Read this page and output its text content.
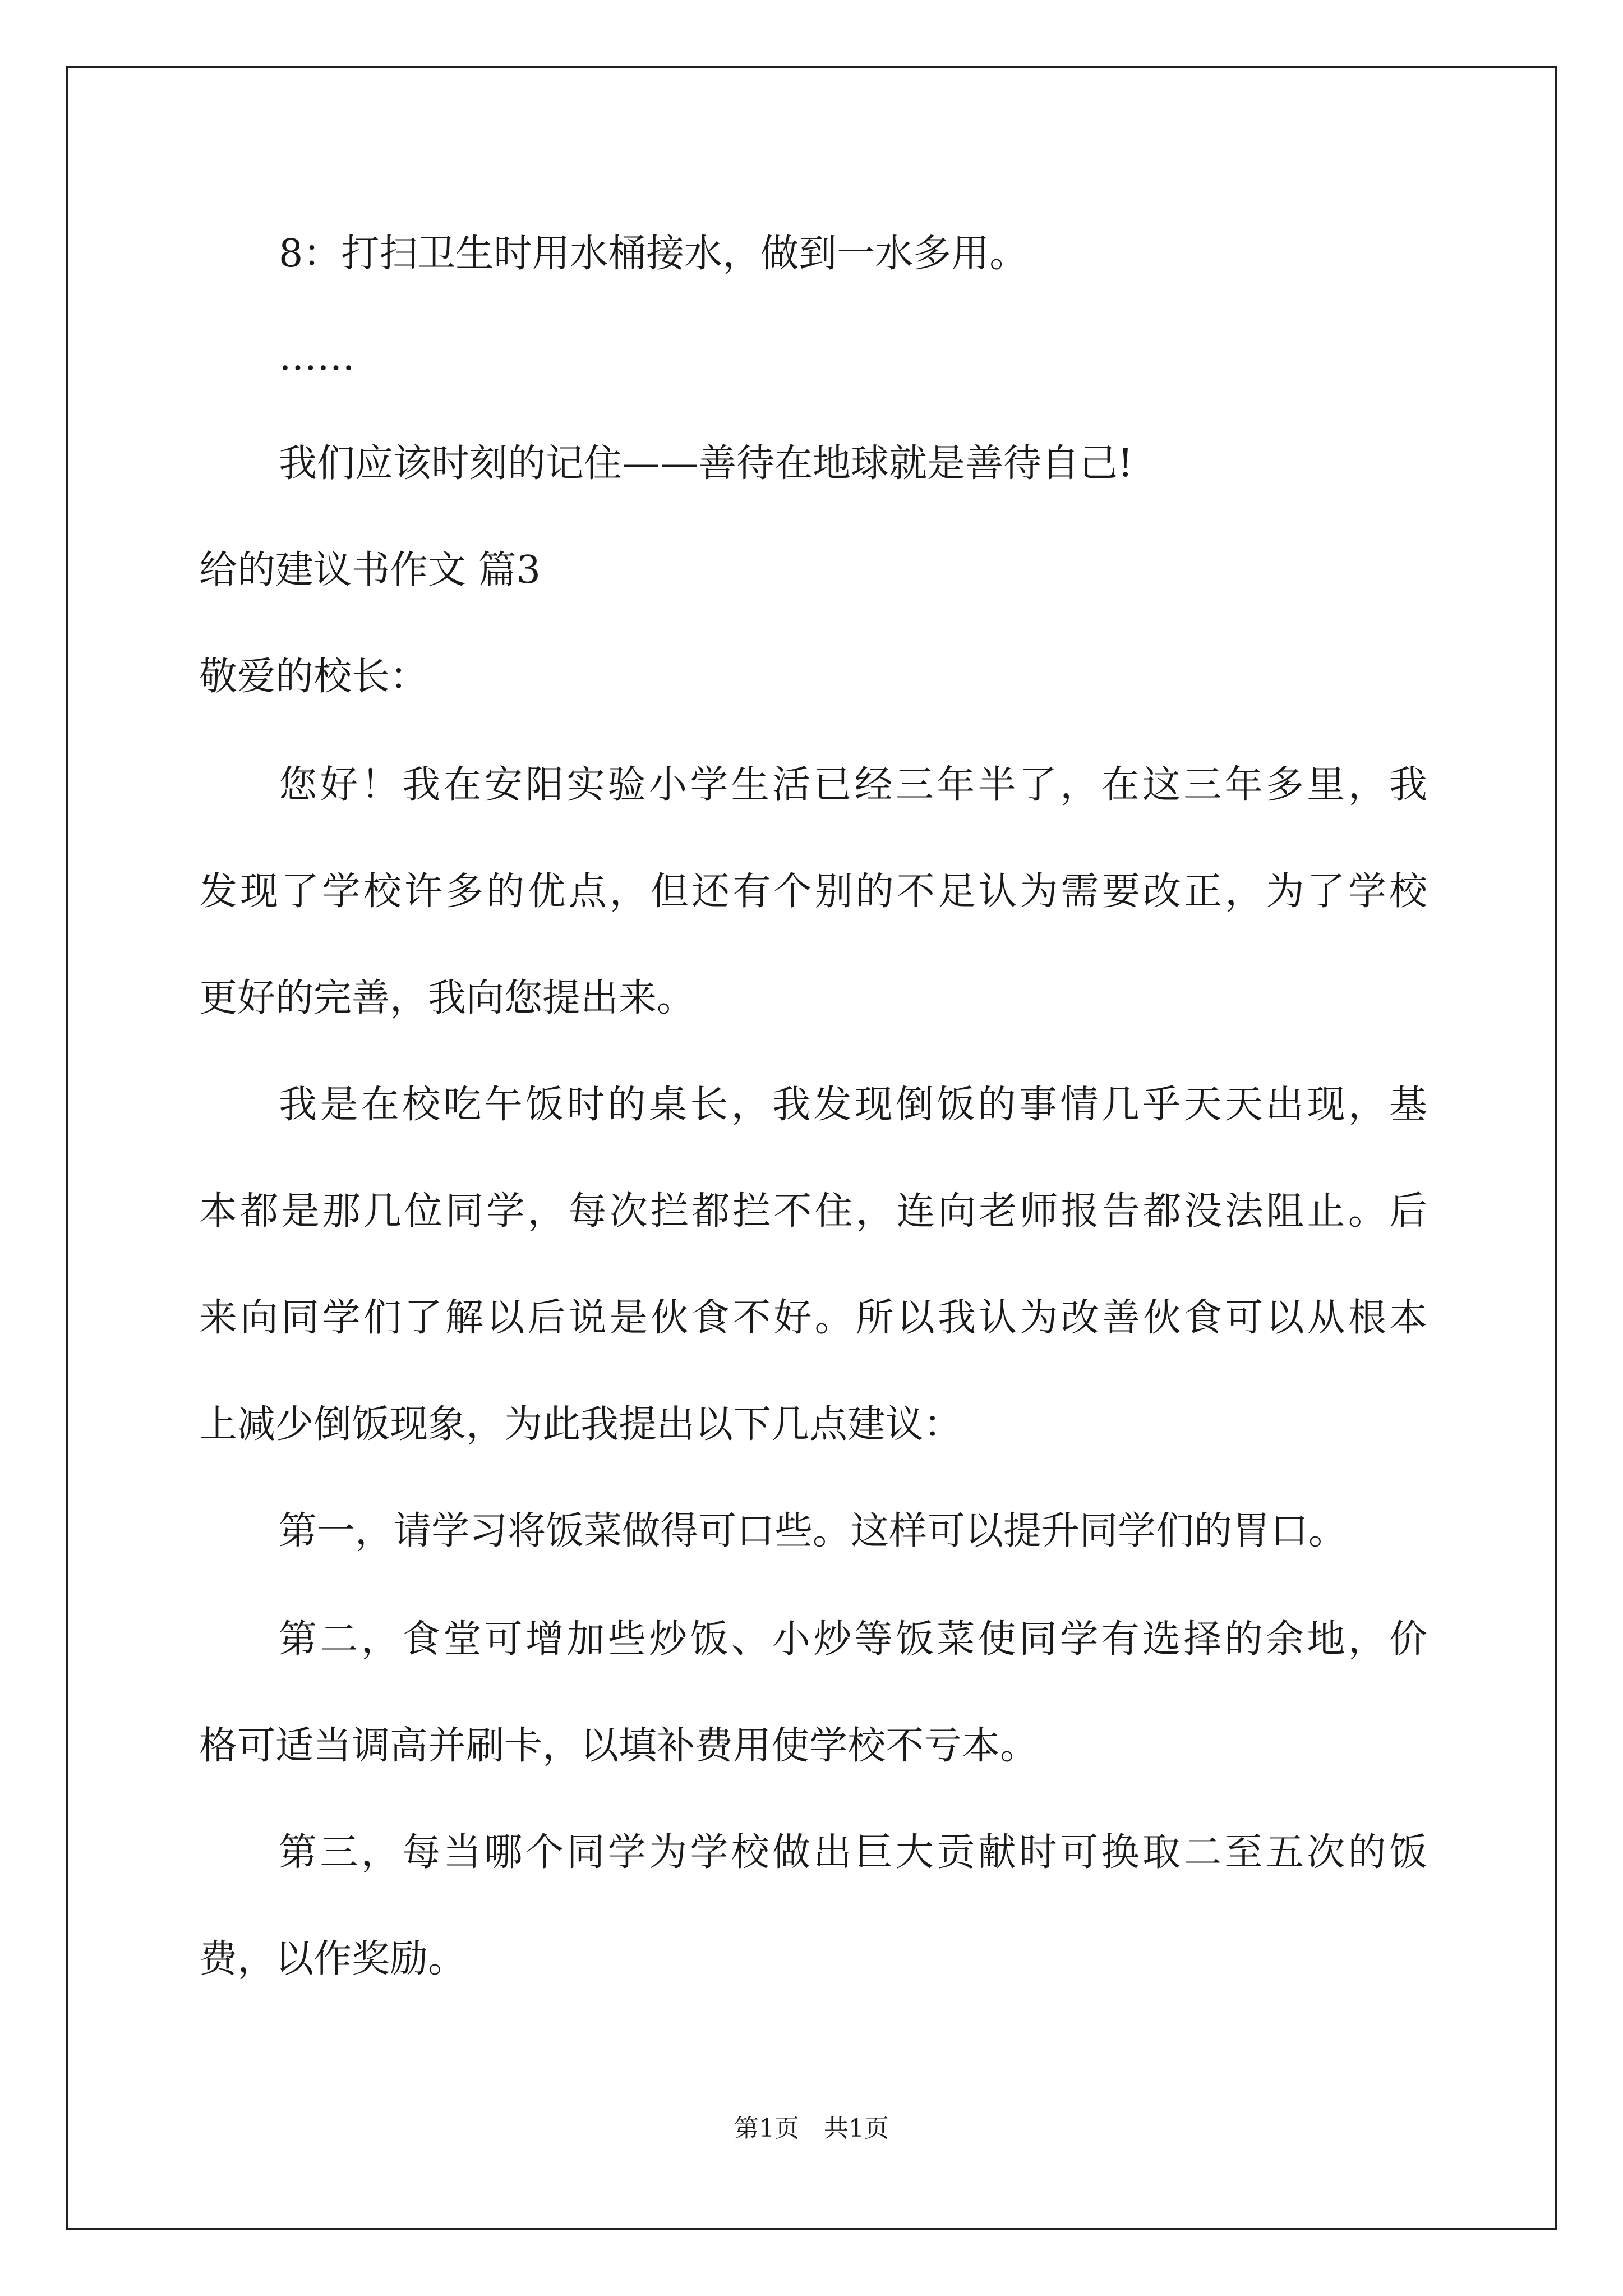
8：打扫卫生时用水桶接水，做到一水多用。
……
我们应该时刻的记住——善待在地球就是善待自己!
给的建议书作文 篇3
敬爱的校长：
您好！我在安阳实验小学生活已经三年半了，在这三年多里，我
发现了学校许多的优点，但还有个别的不足认为需要改正，为了学校
更好的完善，我向您提出来。
我是在校吃午饭时的桌长，我发现倒饭的事情几乎天天出现，基
本都是那几位同学，每次拦都拦不住，连向老师报告都没法阻止。后
来向同学们了解以后说是伙食不好。所以我认为改善伙食可以从根本
上减少倒饭现象，为此我提出以下几点建议：
第一，请学习将饭菜做得可口些。这样可以提升同学们的胃口。
第二，食堂可增加些炒饭、小炒等饭菜使同学有选择的余地，价
格可适当调高并刷卡，以填补费用使学校不亏本。
第三，每当哪个同学为学校做出巨大贡献时可换取二至五次的饭
费，以作奖励。
第1页　共1页
